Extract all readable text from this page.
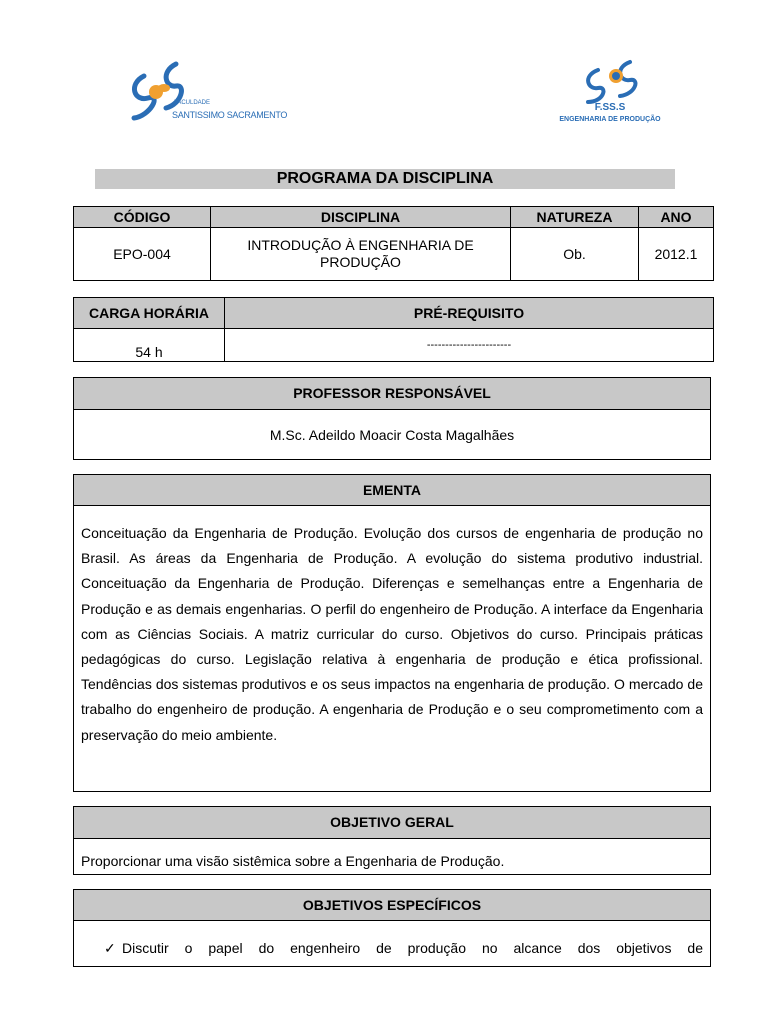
FACULDADE
SANTISSIMO SACRAMENTO
F.SS.S
ENGENHARIA DE PRODUÇÃO
PROGRAMA DA DISCIPLINA
CÓDIGO	DISCIPLINA	NATUREZA	ANO
EPO-004	INTRODUÇÃO À ENGENHARIA DE PRODUÇÃO	Ob.	2012.1
CARGA HORÁRIA	PRÉ-REQUISITO
54 h	-----------------------
PROFESSOR RESPONSÁVEL
M.Sc. Adeildo Moacir Costa Magalhães
EMENTA
Conceituação da Engenharia de Produção. Evolução dos cursos de engenharia de produção no Brasil. As áreas da Engenharia de Produção. A evolução do sistema produtivo industrial. Conceituação da Engenharia de Produção. Diferenças e semelhanças entre a Engenharia de Produção e as demais engenharias. O perfil do engenheiro de Produção. A interface da Engenharia com as Ciências Sociais. A matriz curricular do curso. Objetivos do curso. Principais práticas pedagógicas do curso. Legislação relativa à engenharia de produção e ética profissional. Tendências dos sistemas produtivos e os seus impactos na engenharia de produção. O mercado de trabalho do engenheiro de produção. A engenharia de Produção e o seu comprometimento com a preservação do meio ambiente.
OBJETIVO GERAL
Proporcionar uma visão sistêmica sobre a Engenharia de Produção.
OBJETIVOS ESPECÍFICOS
✓ Discutir o papel do engenheiro de produção no alcance dos objetivos de
